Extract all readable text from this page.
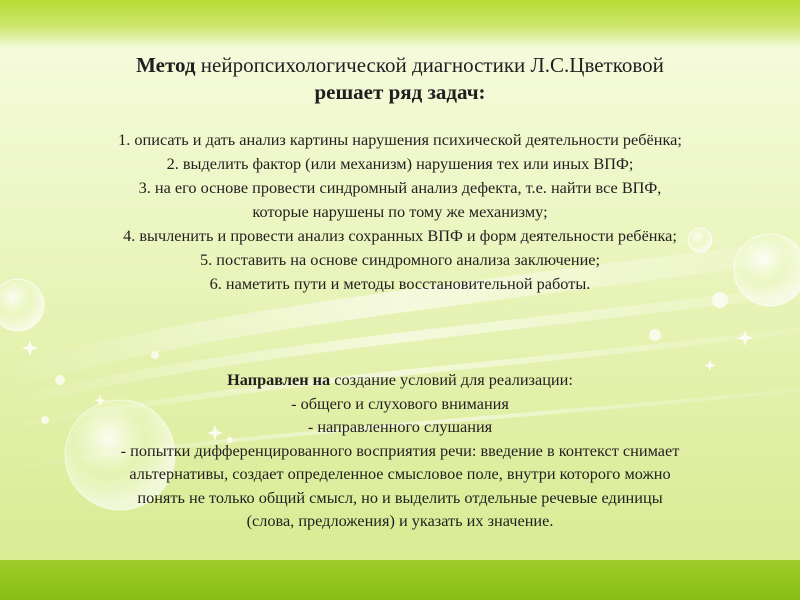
Метод нейропсихологической диагностики Л.С.Цветковой

решает ряд задач:

1. описать и дать анализ картины нарушения психической деятельности ребёнка;
2. выделить фактор (или механизм) нарушения тех или иных ВПФ;
3. на его основе провести синдромный анализ дефекта, т.е. найти все ВПФ,
которые нарушены по тому же механизму;
4. вычленить и провести анализ сохранных ВПФ и форм деятельности ребёнка;
5. поставить на основе синдромного анализа заключение;
6. наметить пути и методы восстановительной работы.

Направлен на создание условий для реализации:

- общего и слухового внимания

- направленного слушания

- попытки дифференцированного восприятия речи: введение в контекст снимает

альтернативы, создает определенное смысловое поле, внутри которого можно

понять не только общий смысл, но и выделить отдельные речевые единицы

(слова, предложения) и указать их значение.
